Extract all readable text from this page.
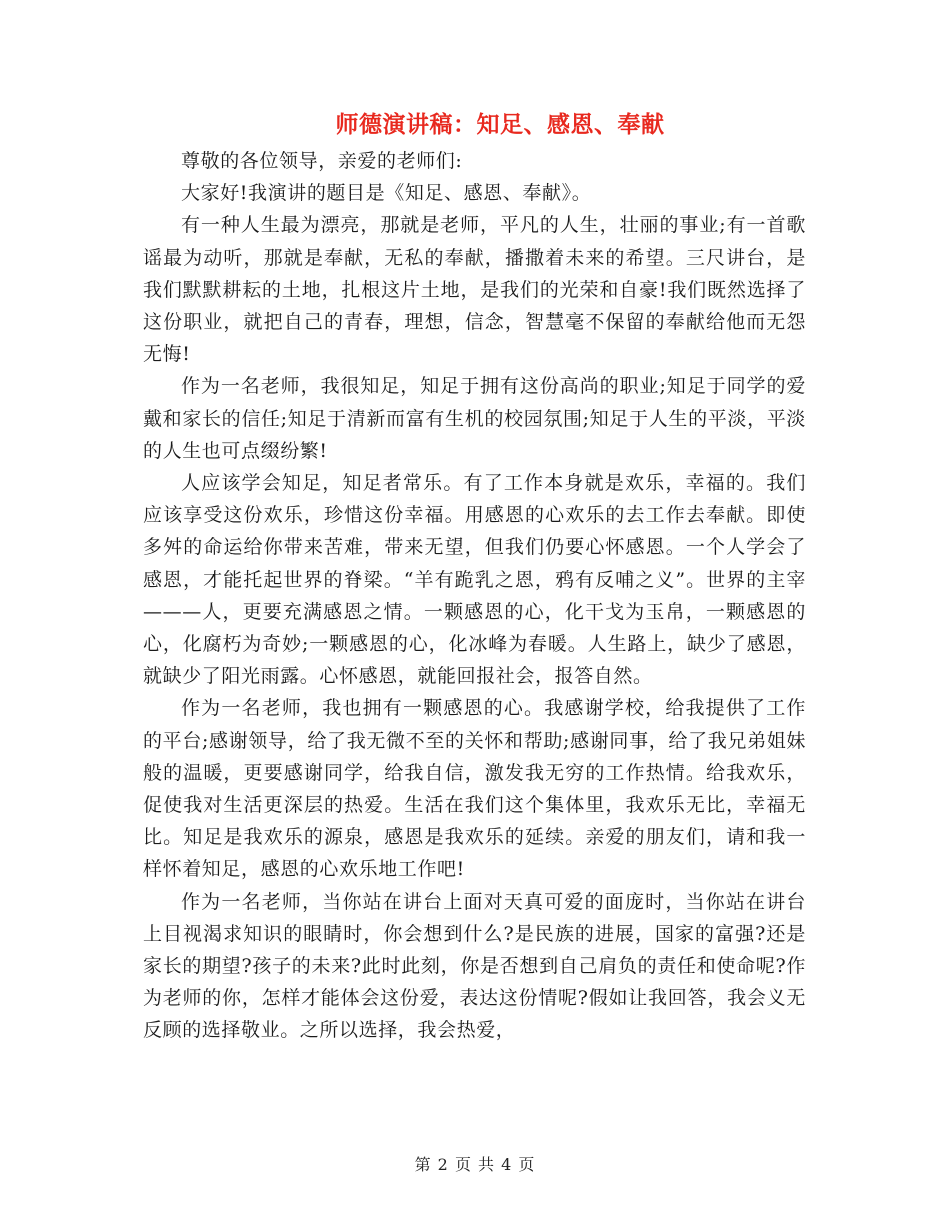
师德演讲稿：知足、感恩、奉献

尊敬的各位领导，亲爱的老师们:

大家好!我演讲的题目是《知足、感恩、奉献》。

有一种人生最为漂亮，那就是老师，平凡的人生，壮丽的事业;有一首歌谣最为动听，那就是奉献，无私的奉献，播撒着未来的希望。三尺讲台，是我们默默耕耘的土地，扎根这片土地，是我们的光荣和自豪!我们既然选择了这份职业，就把自己的青春，理想，信念，智慧毫不保留的奉献给他而无怨无悔!

作为一名老师，我很知足，知足于拥有这份高尚的职业;知足于同学的爱戴和家长的信任;知足于清新而富有生机的校园氛围;知足于人生的平淡，平淡的人生也可点缀纷繁!

人应该学会知足，知足者常乐。有了工作本身就是欢乐，幸福的。我们应该享受这份欢乐，珍惜这份幸福。用感恩的心欢乐的去工作去奉献。即使多舛的命运给你带来苦难，带来无望，但我们仍要心怀感恩。一个人学会了感恩，才能托起世界的脊梁。“羊有跪乳之恩，鸦有反哺之义”。世界的主宰———人，更要充满感恩之情。一颗感恩的心，化干戈为玉帛，一颗感恩的心，化腐朽为奇妙;一颗感恩的心，化冰峰为春暖。人生路上，缺少了感恩，就缺少了阳光雨露。心怀感恩，就能回报社会，报答自然。

作为一名老师，我也拥有一颗感恩的心。我感谢学校，给我提供了工作的平台;感谢领导，给了我无微不至的关怀和帮助;感谢同事，给了我兄弟姐妹般的温暖，更要感谢同学，给我自信，激发我无穷的工作热情。给我欢乐，促使我对生活更深层的热爱。生活在我们这个集体里，我欢乐无比，幸福无比。知足是我欢乐的源泉，感恩是我欢乐的延续。亲爱的朋友们，请和我一样怀着知足，感恩的心欢乐地工作吧!

作为一名老师，当你站在讲台上面对天真可爱的面庞时，当你站在讲台上目视渴求知识的眼睛时，你会想到什么?是民族的进展，国家的富强?还是家长的期望?孩子的未来?此时此刻，你是否想到自己肩负的责任和使命呢?作为老师的你，怎样才能体会这份爱，表达这份情呢?假如让我回答，我会义无反顾的选择敬业。之所以选择，我会热爱，

第 2 页 共 4 页
